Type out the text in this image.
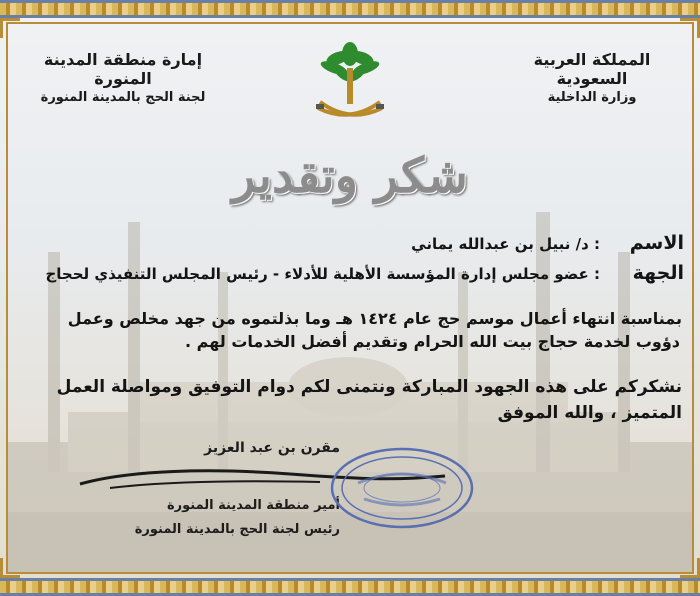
المملكة العربية السعودية
وزارة الداخلية
إمارة منطقة المدينة المنورة
لجنة الحج بالمدينة المنورة
شكر وتقدير
الاسم
: د/ نبيل بن عبدالله يماني
الجهة
: عضو مجلس إدارة المؤسسة الأهلية للأدلاء - رئيس المجلس التنفيذي لحجاج
بمناسبة انتهاء أعمال موسم حج عام ١٤٢٤ هـ وما بذلتموه من جهد مخلص وعمل
دؤوب لخدمة حجاج بيت الله الحرام وتقديم أفضل الخدمات لهم .
نشكركم على هذه الجهود المباركة ونتمنى لكم دوام التوفيق ومواصلة العمل
المتميز ، والله الموفق
مقرن بن عبد العزيز
أمير منطقة المدينة المنورة
رئيس لجنة الحج بالمدينة المنورة
